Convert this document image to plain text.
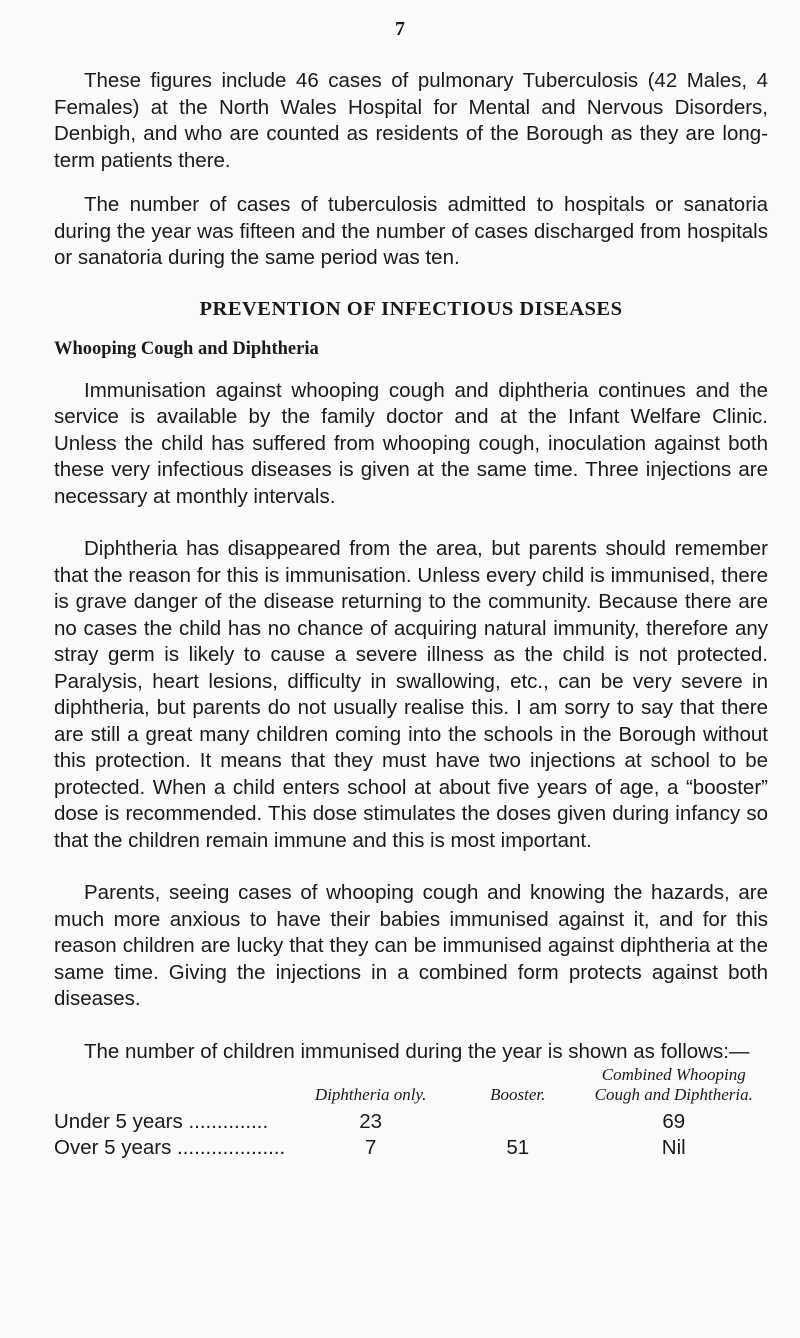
7

These figures include 46 cases of pulmonary Tuberculosis (42 Males, 4 Females) at the North Wales Hospital for Mental and Nervous Disorders, Denbigh, and who are counted as residents of the Borough as they are long-term patients there.

The number of cases of tuberculosis admitted to hospitals or sanatoria during the year was fifteen and the number of cases discharged from hospitals or sanatoria during the same period was ten.

PREVENTION OF INFECTIOUS DISEASES
Whooping Cough and Diphtheria

Immunisation against whooping cough and diphtheria continues and the service is available by the family doctor and at the Infant Welfare Clinic. Unless the child has suffered from whooping cough, inoculation against both these very infectious diseases is given at the same time. Three injections are necessary at monthly intervals.

Diphtheria has disappeared from the area, but parents should remember that the reason for this is immunisation. Unless every child is immunised, there is grave danger of the disease returning to the community. Because there are no cases the child has no chance of acquiring natural immunity, therefore any stray germ is likely to cause a severe illness as the child is not protected. Paralysis, heart lesions, difficulty in swallowing, etc., can be very severe in diphtheria, but parents do not usually realise this. I am sorry to say that there are still a great many children coming into the schools in the Borough without this protection. It means that they must have two injections at school to be protected. When a child enters school at about five years of age, a “booster” dose is recommended. This dose stimulates the doses given during infancy so that the children remain immune and this is most important.

Parents, seeing cases of whooping cough and knowing the hazards, are much more anxious to have their babies immunised against it, and for this reason children are lucky that they can be immunised against diphtheria at the same time. Giving the injections in a combined form protects against both diseases.

The number of children immunised during the year is shown as follows:—

	Diphtheria only.	Booster.	Combined Whooping Cough and Diphtheria.
Under 5 years ..............	23		69
Over 5 years ...................	7	51	Nil
